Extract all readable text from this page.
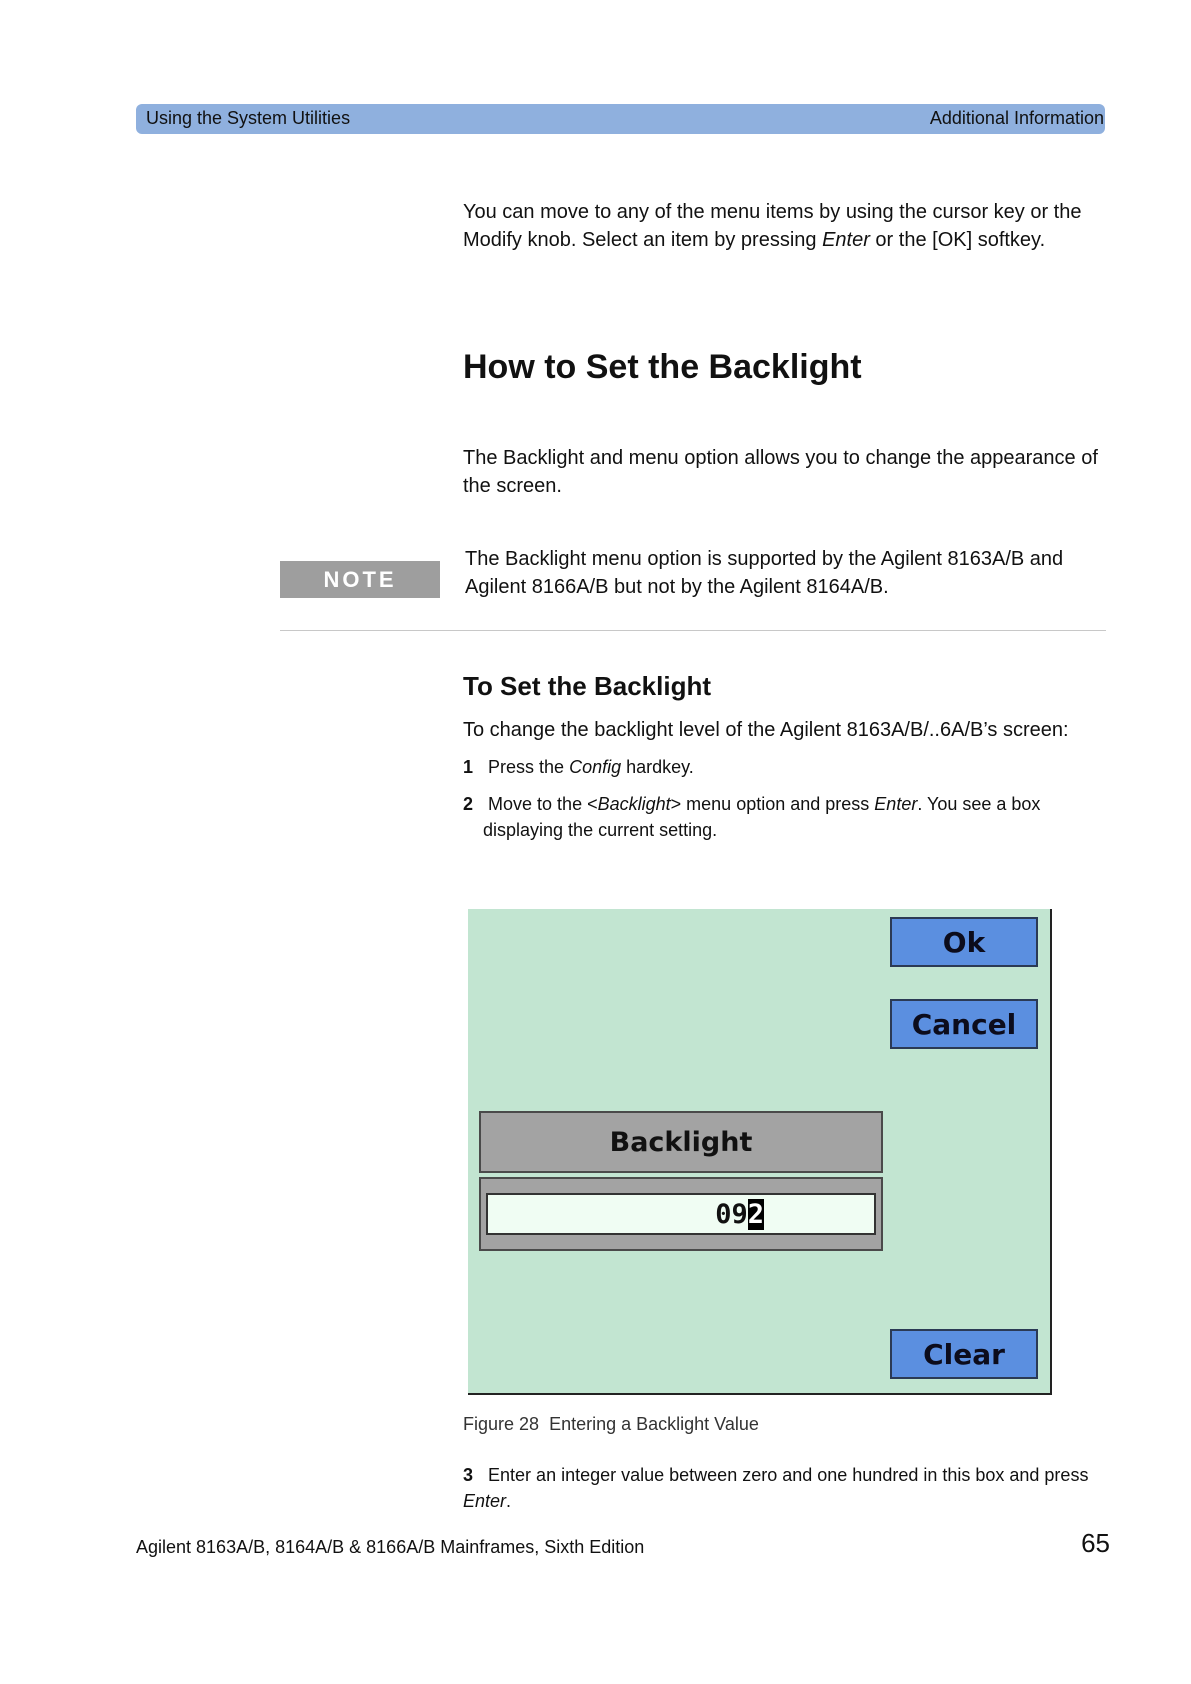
Using the System Utilities	Additional Information
You can move to any of the menu items by using the cursor key or the Modify knob. Select an item by pressing Enter or the [OK] softkey.
How to Set the Backlight
The Backlight and menu option allows you to change the appearance of the screen.
NOTE
The Backlight menu option is supported by the Agilent 8163A/B and Agilent 8166A/B but not by the Agilent 8164A/B.
To Set the Backlight
To change the backlight level of the Agilent 8163A/B/..6A/B’s screen:
1 Press the Config hardkey.
2 Move to the <Backlight> menu option and press Enter. You see a box displaying the current setting.
Ok
Cancel
Clear
Backlight
09 2
Figure 28 Entering a Backlight Value
3 Enter an integer value between zero and one hundred in this box and press Enter.
Agilent 8163A/B, 8164A/B & 8166A/B Mainframes, Sixth Edition	65
